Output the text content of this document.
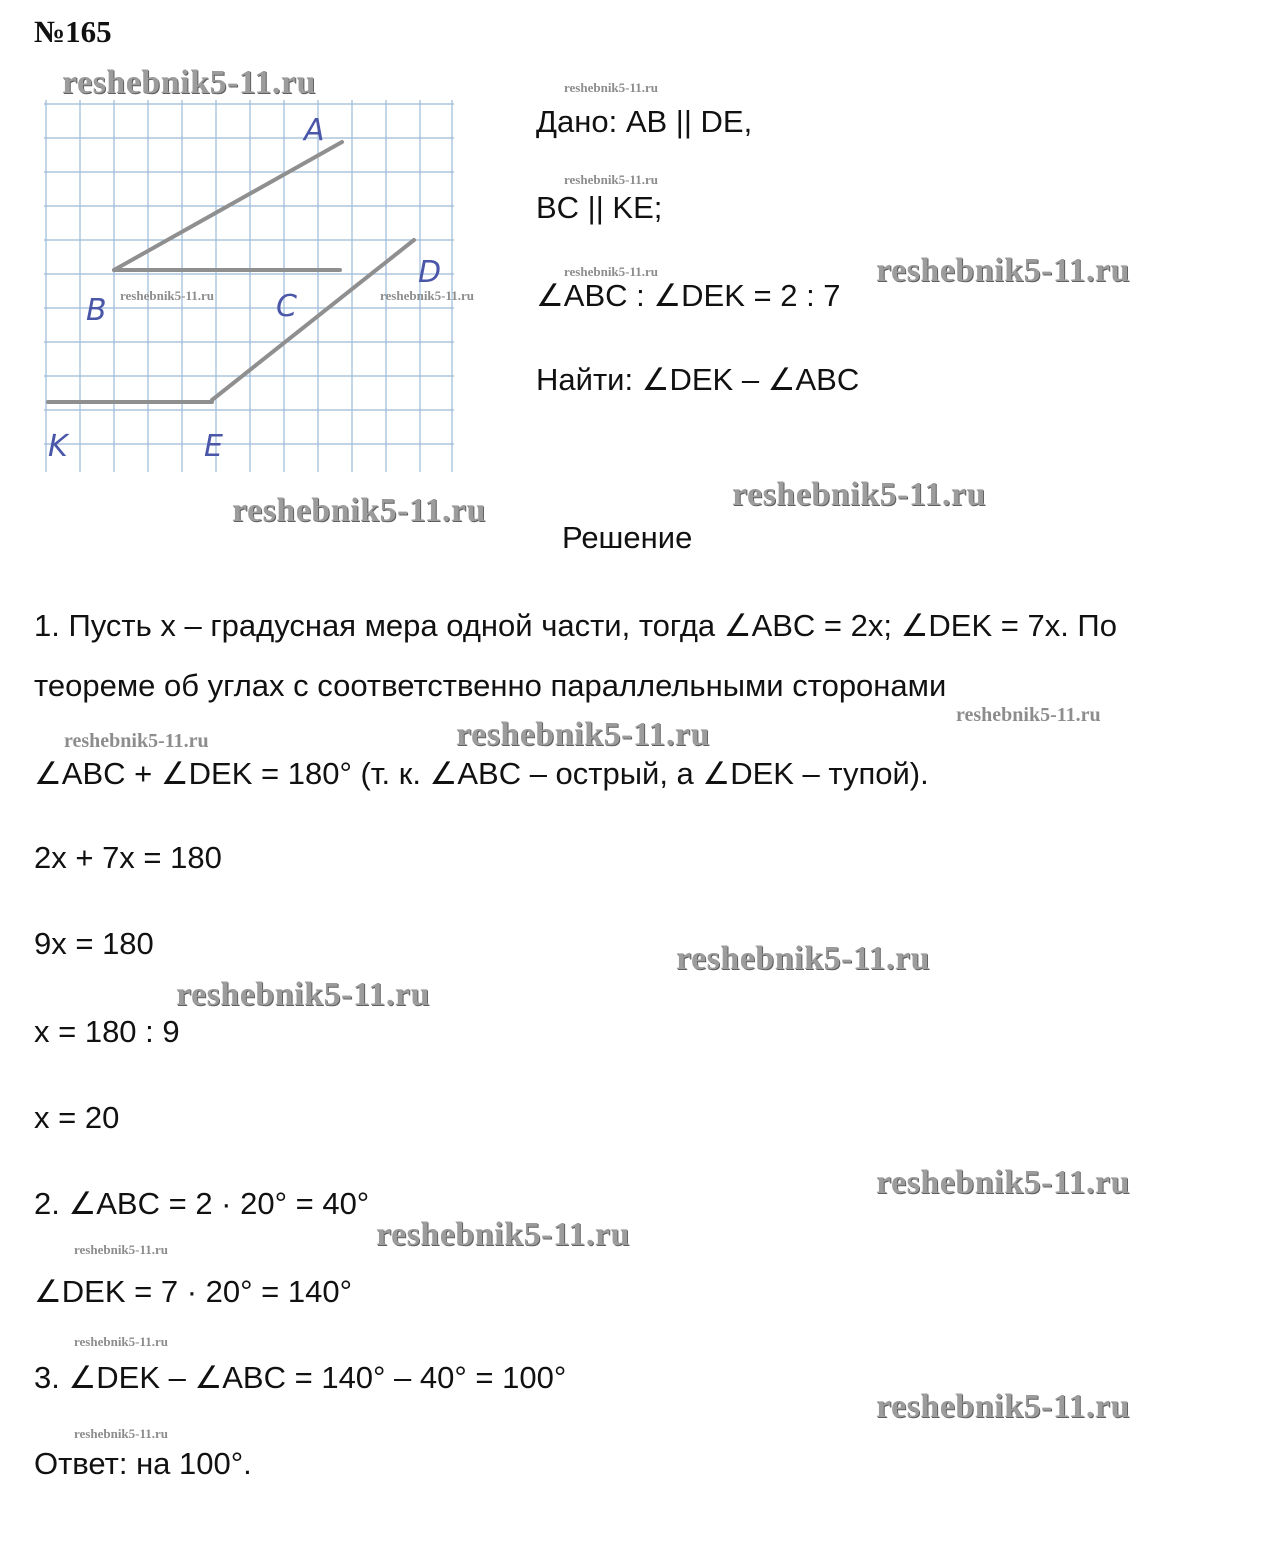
№165
A
B	C
D
K	E
reshebnik5-11.ru	reshebnik5-11.ru
reshebnik5-11.ru
reshebnik5-11.ru
reshebnik5-11.ru	reshebnik5-11.ru
reshebnik5-11.ru
reshebnik5-11.ru	reshebnik5-11.ru
reshebnik5-11.ru
reshebnik5-11.ru	reshebnik5-11.ru
reshebnik5-11.ru
reshebnik5-11.ru
reshebnik5-11.ru
reshebnik5-11.ru
reshebnik5-11.ru
reshebnik5-11.ru
reshebnik5-11.ru
reshebnik5-11.ru
Дано: AB || DE,
BC || KE;
∠ABC : ∠DEK = 2 : 7
Найти: ∠DEK – ∠ABC
Решение
1. Пусть x – градусная мера одной части, тогда ∠ABC = 2x; ∠DEK = 7x. По
теореме об углах с соответственно параллельными сторонами
∠ABC + ∠DEK = 180° (т. к. ∠ABC – острый, а ∠DEK – тупой).
2x + 7x = 180
9x = 180
x = 180 : 9
x = 20
2. ∠ABC = 2 · 20° = 40°
∠DEK = 7 · 20° = 140°
3. ∠DEK – ∠ABC = 140° – 40° = 100°
Ответ: на 100°.
